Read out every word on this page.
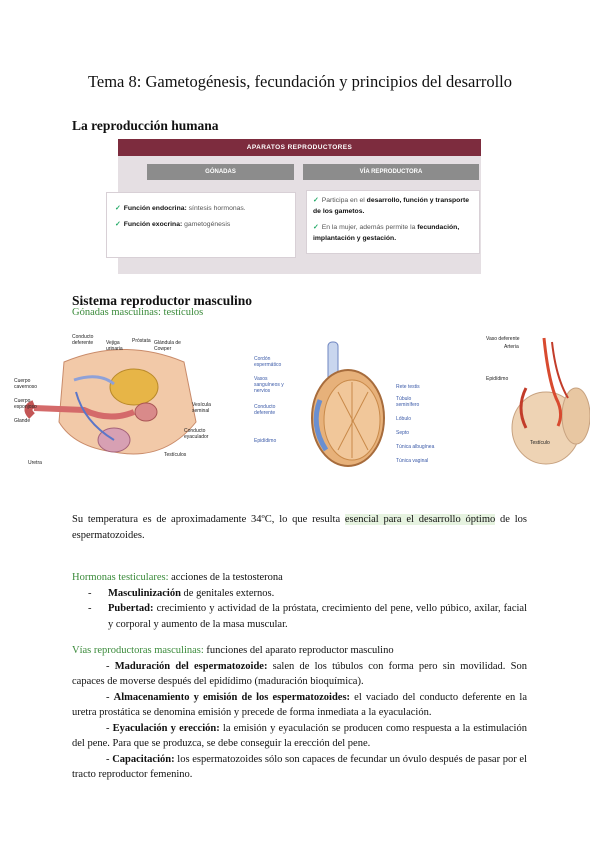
Tema 8: Gametogénesis, fecundación y principios del desarrollo
La reproducción humana
APARATOS REPRODUCTORES
GÓNADAS	VÍA REPRODUCTORA
✓ Función endocrina: síntesis hormonas.
✓ Función exocrina: gametogénesis
✓ Participa en el desarrollo, función y transporte de los gametos.
✓ En la mujer, además permite la fecundación, implantación y gestación.
Sistema reproductor masculino
Gónadas masculinas: testículos
Conducto deferente	Vejiga urinaria
Próstata Glándula de Cowper
Cuerpo cavernoso
Cuerpo esponjoso
Glande
Vesícula seminal
Conducto eyaculador
Testículos
Uretra
Cordón espermático
Vasos sanguíneos y nervios
Conducto deferente
Epidídimo
Rete testis
Túbulo seminífero
Lóbulo
Septo
Túnica albugínea
Túnica vaginal
Vaso deferente
Arteria
Epidídimo
Testículo
Su temperatura es de aproximadamente 34ºC, lo que resulta esencial para el desarrollo óptimo de los espermatozoides.
Hormonas testiculares: acciones de la testosterona
- Masculinización de genitales externos.
- Pubertad: crecimiento y actividad de la próstata, crecimiento del pene, vello púbico, axilar, facial y corporal y aumento de la masa muscular.
Vías reproductoras masculinas: funciones del aparato reproductor masculino

- Maduración del espermatozoide: salen de los túbulos con forma pero sin movilidad. Son capaces de moverse después del epidídimo (maduración bioquímica).

- Almacenamiento y emisión de los espermatozoides: el vaciado del conducto deferente en la uretra prostática se denomina emisión y precede de forma inmediata a la eyaculación.

- Eyaculación y erección: la emisión y eyaculación se producen como respuesta a la estimulación del pene. Para que se produzca, se debe conseguir la erección del pene.

- Capacitación: los espermatozoides sólo son capaces de fecundar un óvulo después de pasar por el tracto reproductor femenino.
